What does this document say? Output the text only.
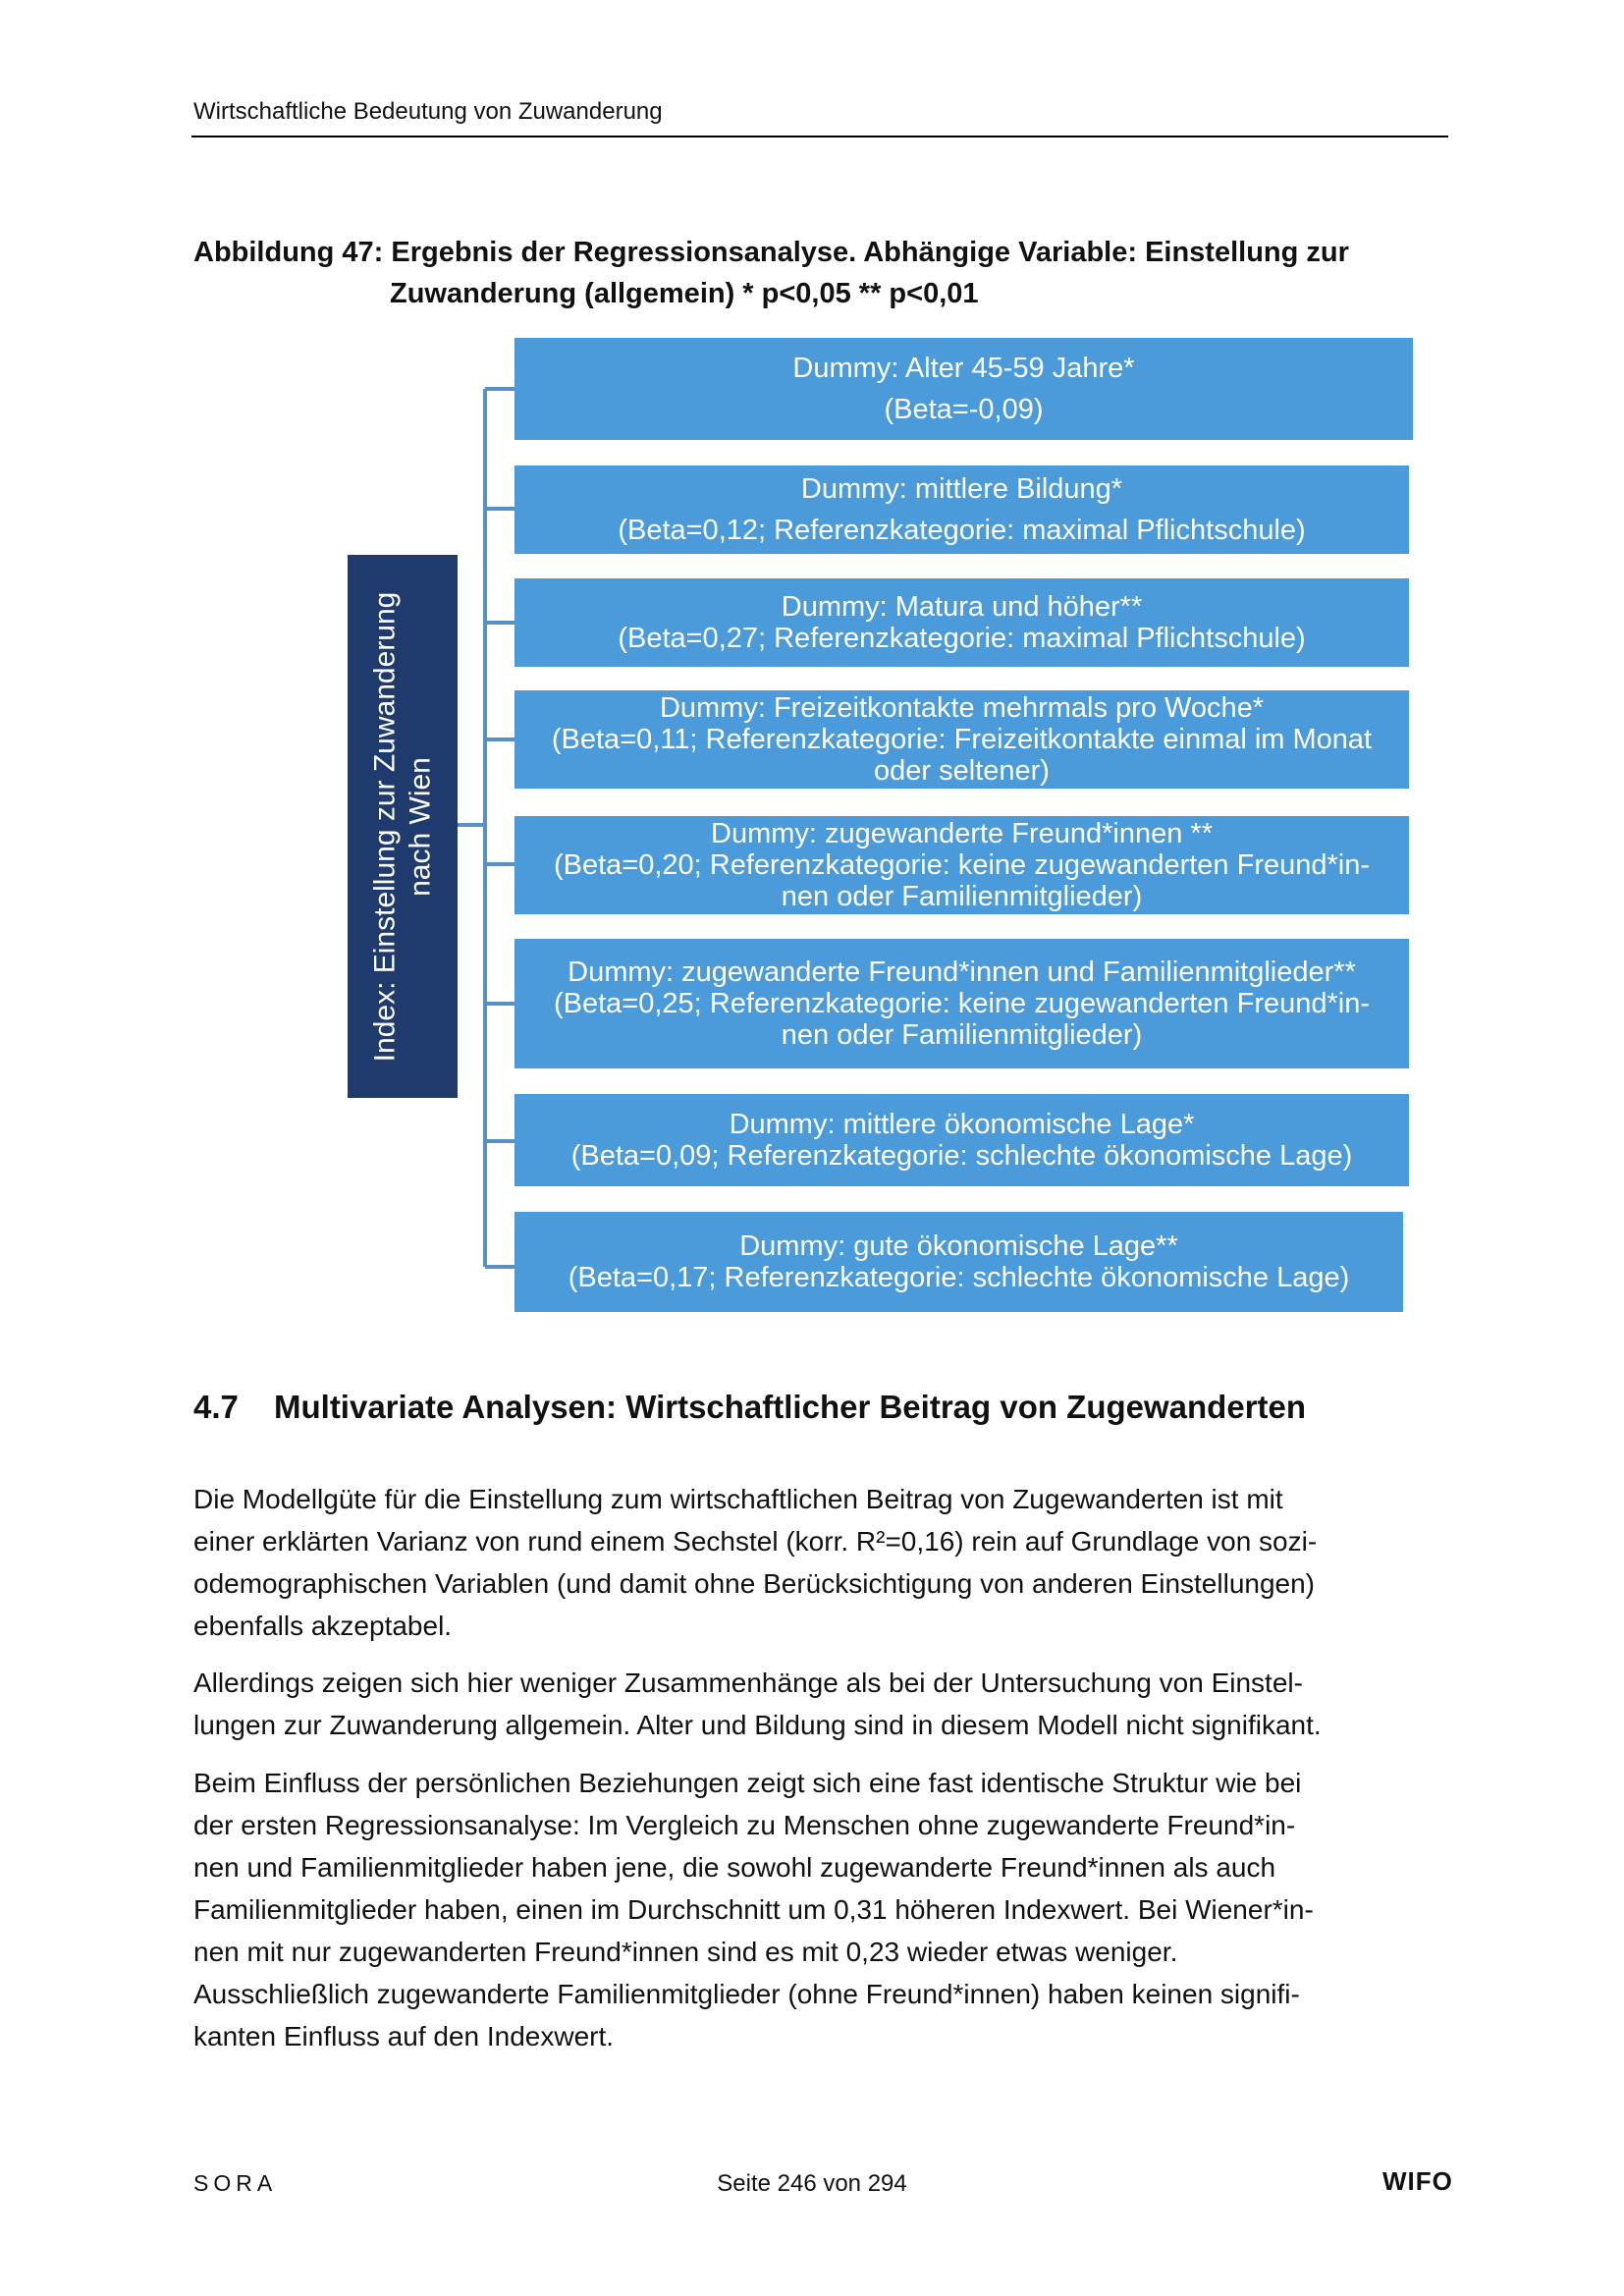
Wirtschaftliche Bedeutung von Zuwanderung
Abbildung 47: Ergebnis der Regressionsanalyse. Abhängige Variable: Einstellung zur
Zuwanderung (allgemein) * p<0,05 ** p<0,01
Index: Einstellung zur Zuwanderung nach Wien
Dummy: Alter 45-59 Jahre*
(Beta=-0,09)
Dummy: mittlere Bildung*
(Beta=0,12; Referenzkategorie: maximal Pflichtschule)
Dummy: Matura und höher**
(Beta=0,27; Referenzkategorie: maximal Pflichtschule)
Dummy: Freizeitkontakte mehrmals pro Woche*
(Beta=0,11; Referenzkategorie: Freizeitkontakte einmal im Monat
oder seltener)
Dummy: zugewanderte Freund*innen **
(Beta=0,20; Referenzkategorie: keine zugewanderten Freund*in-
nen oder Familienmitglieder)
Dummy: zugewanderte Freund*innen und Familienmitglieder**
(Beta=0,25; Referenzkategorie: keine zugewanderten Freund*in-
nen oder Familienmitglieder)
Dummy: mittlere ökonomische Lage*
(Beta=0,09; Referenzkategorie: schlechte ökonomische Lage)
Dummy: gute ökonomische Lage**
(Beta=0,17; Referenzkategorie: schlechte ökonomische Lage)
4.7 Multivariate Analysen: Wirtschaftlicher Beitrag von Zugewanderten
Die Modellgüte für die Einstellung zum wirtschaftlichen Beitrag von Zugewanderten ist mit
einer erklärten Varianz von rund einem Sechstel (korr. R²=0,16) rein auf Grundlage von sozi-
odemographischen Variablen (und damit ohne Berücksichtigung von anderen Einstellungen)
ebenfalls akzeptabel.
Allerdings zeigen sich hier weniger Zusammenhänge als bei der Untersuchung von Einstel-
lungen zur Zuwanderung allgemein. Alter und Bildung sind in diesem Modell nicht signifikant.
Beim Einfluss der persönlichen Beziehungen zeigt sich eine fast identische Struktur wie bei
der ersten Regressionsanalyse: Im Vergleich zu Menschen ohne zugewanderte Freund*in-
nen und Familienmitglieder haben jene, die sowohl zugewanderte Freund*innen als auch
Familienmitglieder haben, einen im Durchschnitt um 0,31 höheren Indexwert. Bei Wiener*in-
nen mit nur zugewanderten Freund*innen sind es mit 0,23 wieder etwas weniger.
Ausschließlich zugewanderte Familienmitglieder (ohne Freund*innen) haben keinen signifi-
kanten Einfluss auf den Indexwert.
SORA	Seite 246 von 294	WIFO
